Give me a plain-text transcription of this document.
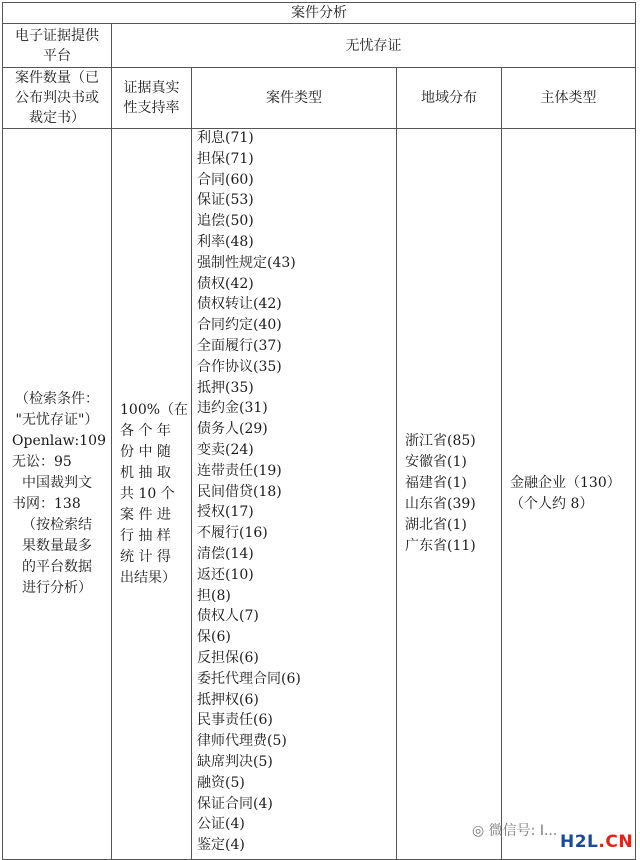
案件分析
电子证据提供平台
无忧存证
案件数量（已公布判决书或裁定书）
证据真实性支持率
案件类型	地域分布	主体类型
（检索条件：
"无忧存证"）
Openlaw:109
无讼：95
中国裁判文
书网：138
（按检索结
果数量最多
的平台数据
进行分析）
100%（在
各 个 年
份 中 随
机 抽 取
共 10 个
案 件 进
行 抽 样
统 计 得
出结果）
浙江省(85)
安徽省(1)
福建省(1)
山东省(39)
湖北省(1)
广东省(11)
金融企业（130）
（个人约 8）
利息(71)
担保(71)
合同(60)
保证(53)
追偿(50)
利率(48)
强制性规定(43)
债权(42)
债权转让(42)
合同约定(40)
全面履行(37)
合作协议(35)
抵押(35)
违约金(31)
债务人(29)
变卖(24)
连带责任(19)
民间借贷(18)
授权(17)
不履行(16)
清偿(14)
返还(10)
担(8)
债权人(7)
保(6)
反担保(6)
委托代理合同(6)
抵押权(6)
民事责任(6)
律师代理费(5)
缺席判决(5)
融资(5)
保证合同(4)
公证(4)
鉴定(4)
◎ 微信号: I...
H2L.CN
